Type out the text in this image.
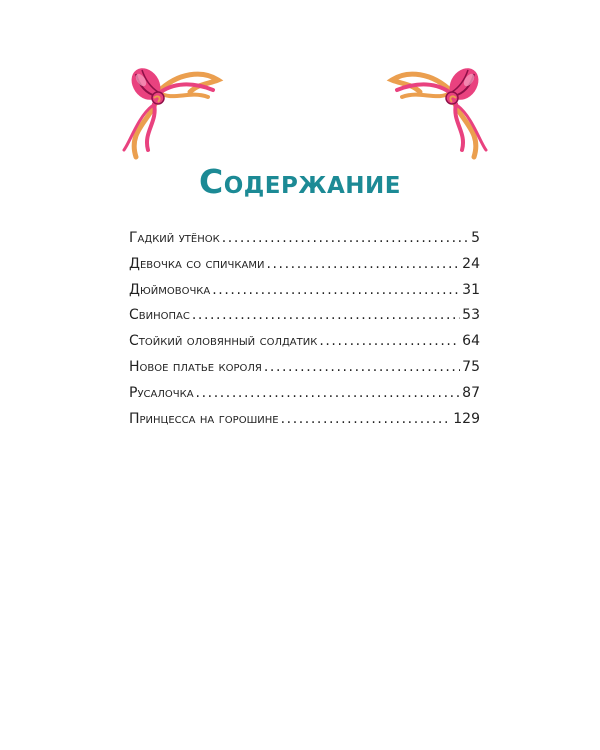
Содержание
Гадкий утёнок .....	5
Девочка со спичками .....	24
Дюймовочка .....	31
Свинопас .....	53
Стойкий оловянный солдатик .....	64
Новое платье короля .....	75
Русалочка .....	87
Принцесса на горошине .....	129
